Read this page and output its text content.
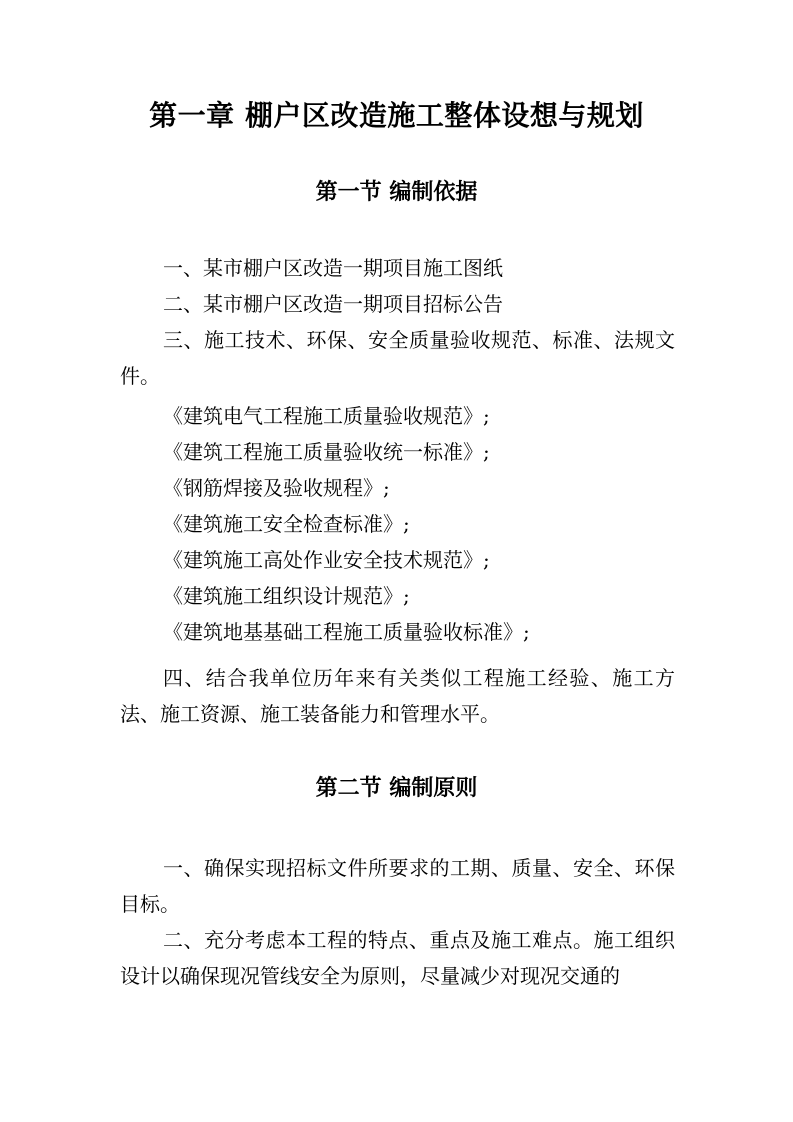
第一章 棚户区改造施工整体设想与规划
第一节 编制依据

一、某市棚户区改造一期项目施工图纸

二、某市棚户区改造一期项目招标公告

三、施工技术、环保、安全质量验收规范、标准、法规文件。

《建筑电气工程施工质量验收规范》;

《建筑工程施工质量验收统一标准》;

《钢筋焊接及验收规程》;

《建筑施工安全检查标准》;

《建筑施工高处作业安全技术规范》;

《建筑施工组织设计规范》;

《建筑地基基础工程施工质量验收标准》;

四、结合我单位历年来有关类似工程施工经验、施工方法、施工资源、施工装备能力和管理水平。

第二节 编制原则

一、确保实现招标文件所要求的工期、质量、安全、环保目标。

二、充分考虑本工程的特点、重点及施工难点。施工组织设计以确保现况管线安全为原则，尽量减少对现况交通的
